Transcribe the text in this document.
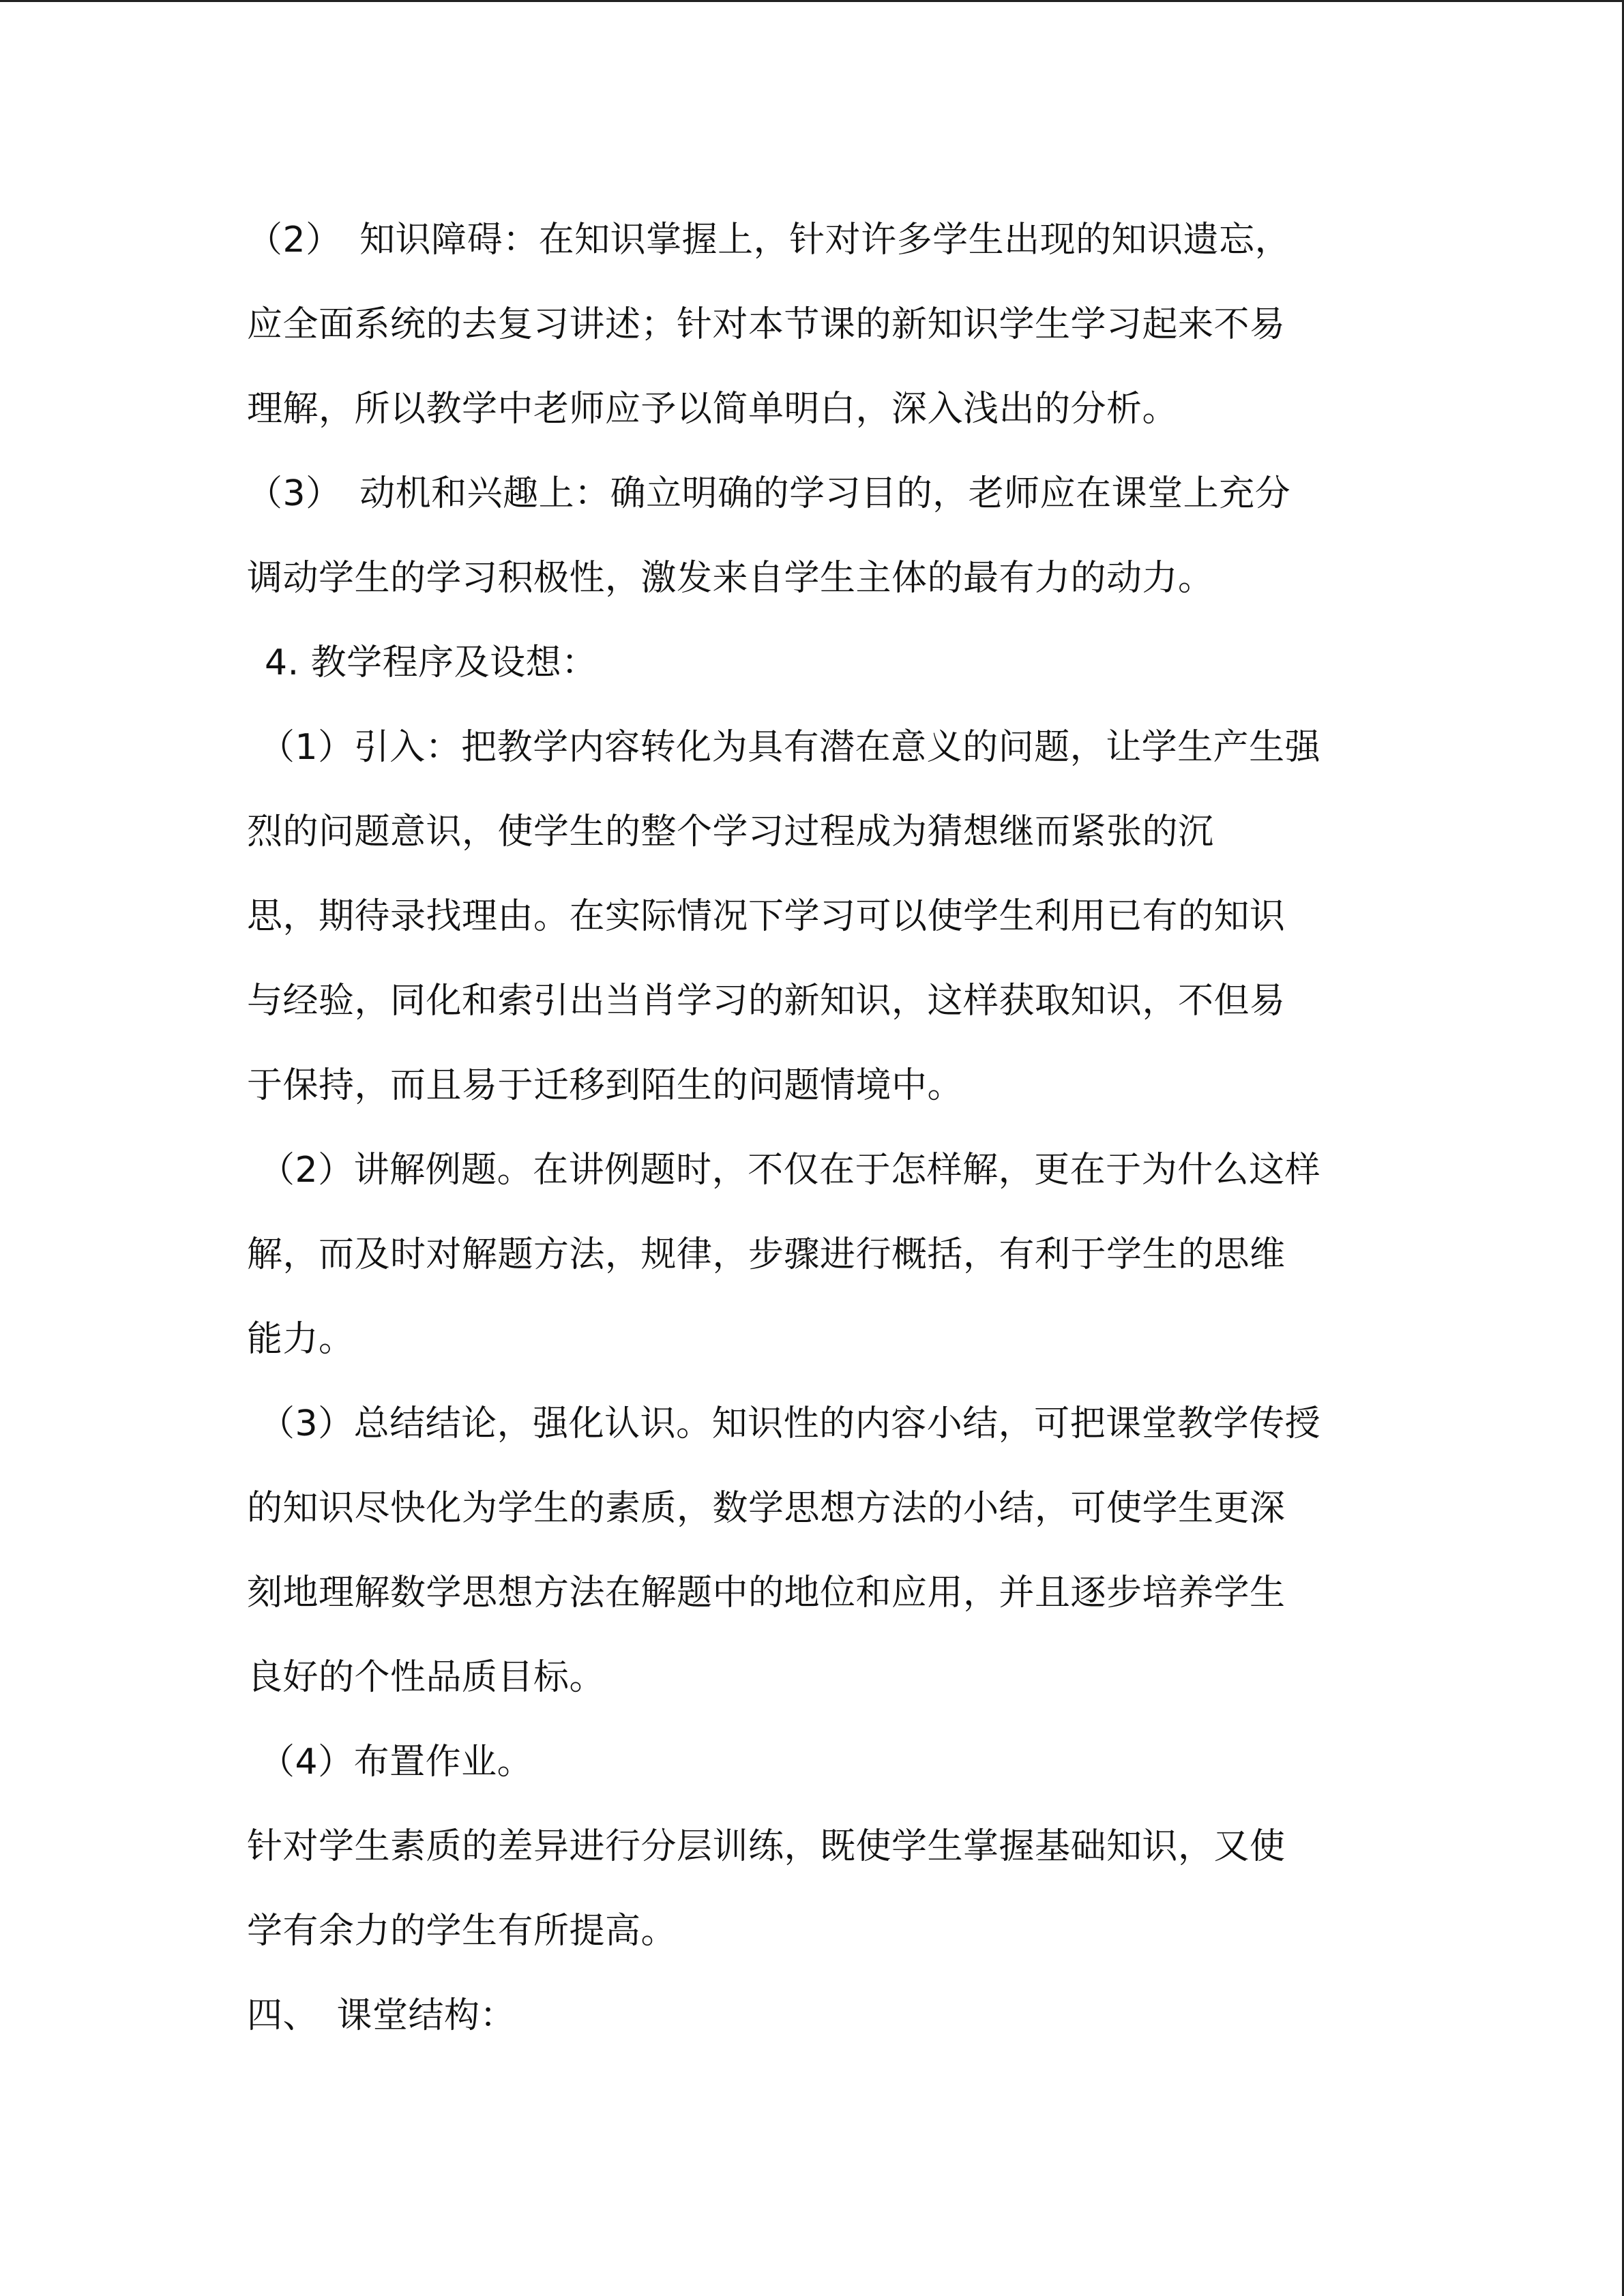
（2）　知识障碍：在知识掌握上，针对许多学生出现的知识遗忘，
应全面系统的去复习讲述；针对本节课的新知识学生学习起来不易
理解，所以教学中老师应予以简单明白，深入浅出的分析。
（3）　动机和兴趣上：确立明确的学习目的，老师应在课堂上充分
调动学生的学习积极性，激发来自学生主体的最有力的动力。
4. 教学程序及设想：
（1）引入：把教学内容转化为具有潜在意义的问题，让学生产生强
烈的问题意识，使学生的整个学习过程成为猜想继而紧张的沉
思，期待录找理由。在实际情况下学习可以使学生利用已有的知识
与经验，同化和索引出当肖学习的新知识，这样获取知识，不但易
于保持，而且易于迁移到陌生的问题情境中。
（2）讲解例题。在讲例题时，不仅在于怎样解，更在于为什么这样
解，而及时对解题方法，规律，步骤进行概括，有利于学生的思维
能力。
（3）总结结论，强化认识。知识性的内容小结，可把课堂教学传授
的知识尽快化为学生的素质，数学思想方法的小结，可使学生更深
刻地理解数学思想方法在解题中的地位和应用，并且逐步培养学生
良好的个性品质目标。
（4）布置作业。
针对学生素质的差异进行分层训练，既使学生掌握基础知识，又使
学有余力的学生有所提高。
四、　课堂结构：
